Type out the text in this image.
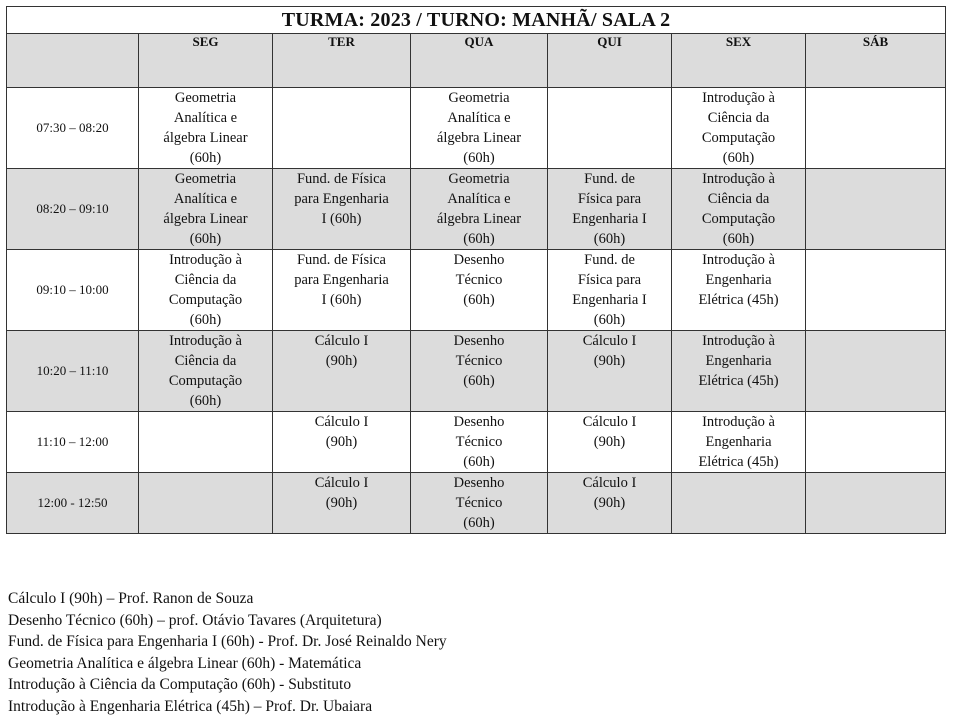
TURMA: 2023 / TURNO: MANHÃ/ SALA 2						
	SEG	TER	QUA	QUI	SEX	SÁB
07:30 – 08:20	Geometria
Analítica e
álgebra Linear
(60h)		Geometria
Analítica e
álgebra Linear
(60h)		Introdução à
Ciência da
Computação
(60h)	
08:20 – 09:10	Geometria
Analítica e
álgebra Linear
(60h)	Fund. de Física
para Engenharia
I (60h)	Geometria
Analítica e
álgebra Linear
(60h)	Fund. de
Física para
Engenharia I
(60h)	Introdução à
Ciência da
Computação
(60h)	
09:10 – 10:00	Introdução à
Ciência da
Computação
(60h)	Fund. de Física
para Engenharia
I (60h)	Desenho
Técnico
(60h)	Fund. de
Física para
Engenharia I
(60h)	Introdução à
Engenharia
Elétrica (45h)	
10:20 – 11:10	Introdução à
Ciência da
Computação
(60h)	Cálculo I
(90h)	Desenho
Técnico
(60h)	Cálculo I
(90h)	Introdução à
Engenharia
Elétrica (45h)	
11:10 – 12:00		Cálculo I
(90h)	Desenho
Técnico
(60h)	Cálculo I
(90h)	Introdução à
Engenharia
Elétrica (45h)	
12:00 - 12:50		Cálculo I
(90h)	Desenho
Técnico
(60h)	Cálculo I
(90h)		
Cálculo I (90h) – Prof. Ranon de Souza
Desenho Técnico (60h) – prof. Otávio Tavares (Arquitetura)
Fund. de Física para Engenharia I (60h) - Prof. Dr. José Reinaldo Nery
Geometria Analítica e álgebra Linear (60h) - Matemática
Introdução à Ciência da Computação (60h) - Substituto
Introdução à Engenharia Elétrica (45h) – Prof. Dr. Ubaiara
